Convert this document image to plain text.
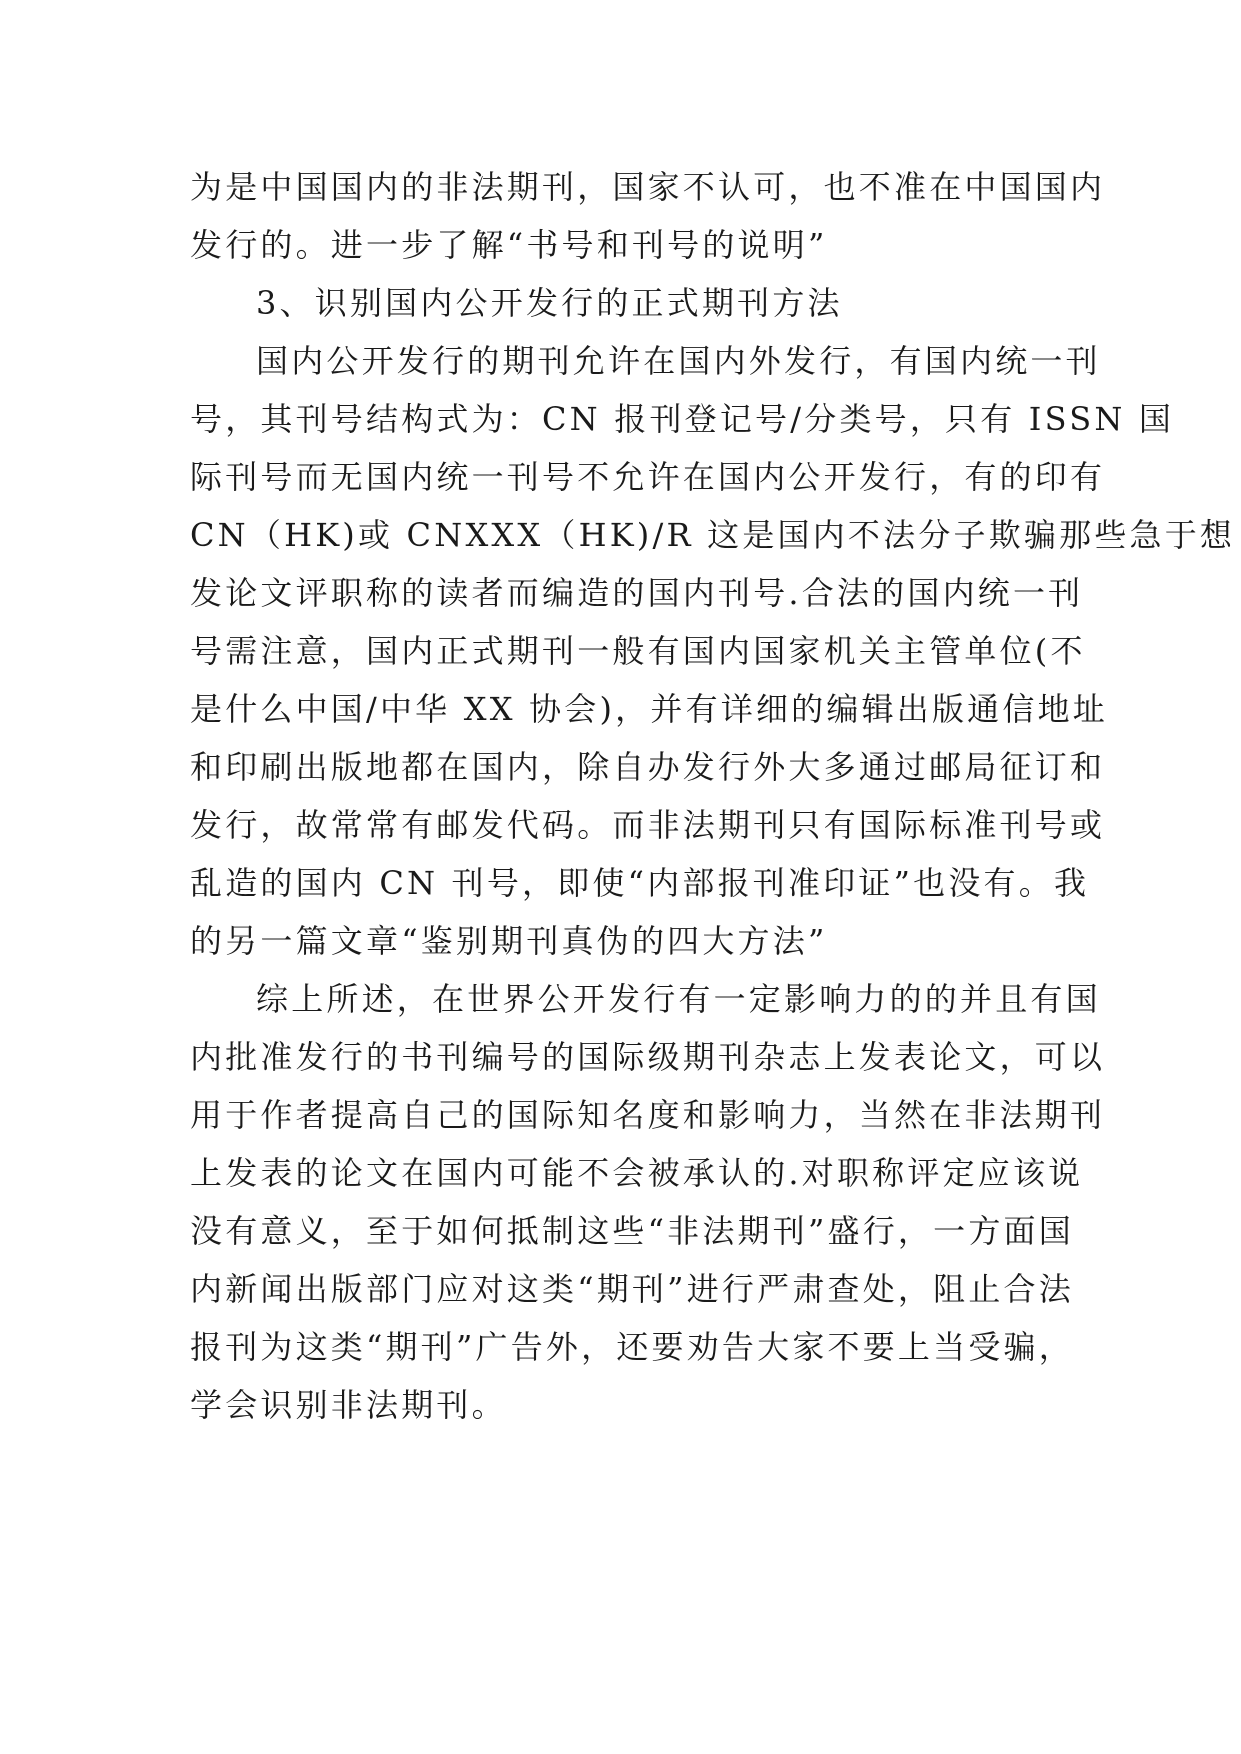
为是中国国内的非法期刊，国家不认可，也不准在中国国内
发行的。进一步了解“书号和刊号的说明”
3、识别国内公开发行的正式期刊方法
国内公开发行的期刊允许在国内外发行，有国内统一刊
号，其刊号结构式为：CN 报刊登记号/分类号，只有 ISSN 国
际刊号而无国内统一刊号不允许在国内公开发行，有的印有
CN（HK)或 CNXXX（HK)/R 这是国内不法分子欺骗那些急于想
发论文评职称的读者而编造的国内刊号.合法的国内统一刊
号需注意，国内正式期刊一般有国内国家机关主管单位(不
是什么中国/中华 XX 协会)，并有详细的编辑出版通信地址
和印刷出版地都在国内，除自办发行外大多通过邮局征订和
发行，故常常有邮发代码。而非法期刊只有国际标准刊号或
乱造的国内 CN 刊号，即使“内部报刊准印证”也没有。我
的另一篇文章“鉴别期刊真伪的四大方法”
综上所述，在世界公开发行有一定影响力的的并且有国
内批准发行的书刊编号的国际级期刊杂志上发表论文，可以
用于作者提高自己的国际知名度和影响力，当然在非法期刊
上发表的论文在国内可能不会被承认的.对职称评定应该说
没有意义，至于如何抵制这些“非法期刊”盛行，一方面国
内新闻出版部门应对这类“期刊”进行严肃查处，阻止合法
报刊为这类“期刊”广告外，还要劝告大家不要上当受骗，
学会识别非法期刊。
